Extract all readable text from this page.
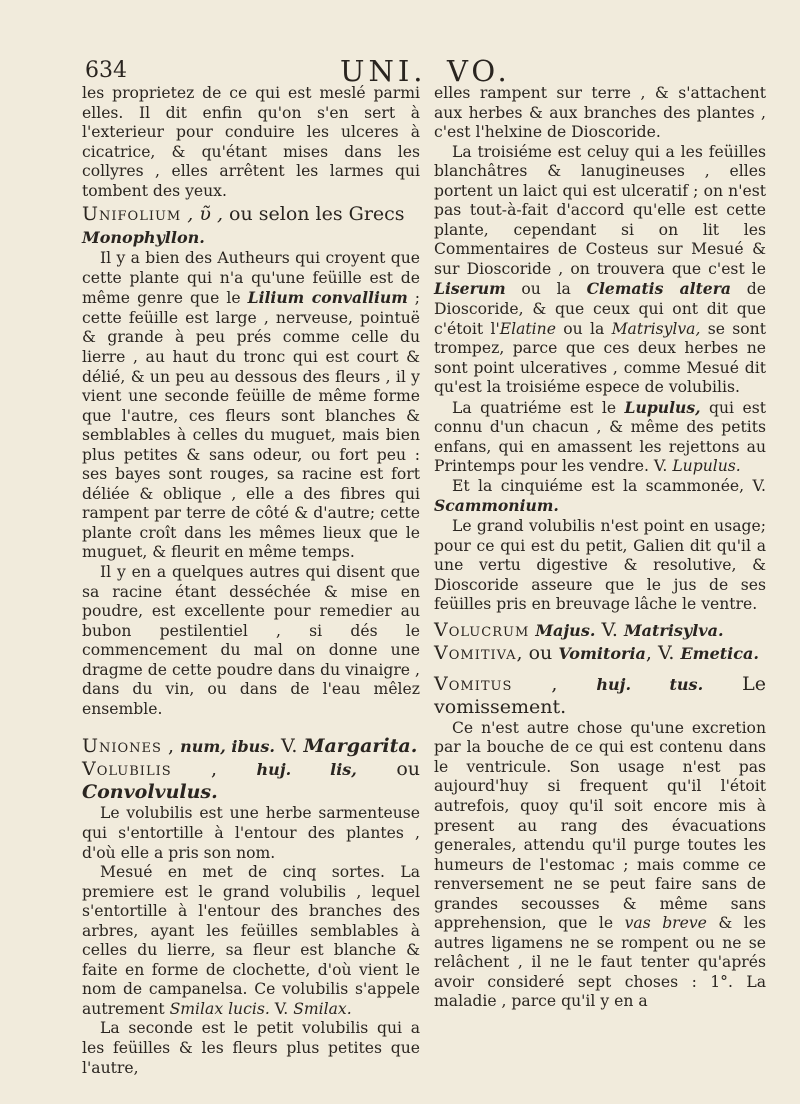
634	UNI. VO.

les proprietez de ce qui est meslé parmi elles. Il dit enfin qu'on s'en sert à l'exterieur pour conduire les ulceres à cicatrice, & qu'étant mises dans les collyres , elles arrêtent les larmes qui tombent des yeux.

Unifolium , ῦ , ou selon les Grecs
Monophyllon.

Il y a bien des Autheurs qui croyent que cette plante qui n'a qu'une feüille est de même genre que le Lilium convallium ; cette feüille est large , nerveuse, pointuë & grande à peu prés comme celle du lierre , au haut du tronc qui est court & délié, & un peu au dessous des fleurs , il y vient une seconde feüille de même forme que l'autre, ces fleurs sont blanches & semblables à celles du muguet, mais bien plus petites & sans odeur, ou fort peu : ses bayes sont rouges, sa racine est fort déliée & oblique , elle a des fibres qui rampent par terre de côté & d'autre; cette plante croît dans les mêmes lieux que le muguet, & fleurit en même temps.

Il y en a quelques autres qui disent que sa racine étant desséchée & mise en poudre, est excellente pour remedier au bubon pestilentiel , si dés le commencement du mal on donne une dragme de cette poudre dans du vinaigre , dans du vin, ou dans de l'eau mêlez ensemble.

Uniones , num, ibus. V. Margarita.
Volubilis , huj. lis, ou Convolvulus.

Le volubilis est une herbe sarmenteuse qui s'entortille à l'entour des plantes , d'où elle a pris son nom.

Mesué en met de cinq sortes. La premiere est le grand volubilis , lequel s'entortille à l'entour des branches des arbres, ayant les feüilles semblables à celles du lierre, sa fleur est blanche & faite en forme de clochette, d'où vient le nom de campanelsa. Ce volubilis s'appele autrement Smilax lucis. V. Smilax.

La seconde est le petit volubilis qui a les feüilles & les fleurs plus petites que l'autre,

elles rampent sur terre , & s'attachent aux herbes & aux branches des plantes , c'est l'helxine de Dioscoride.

La troisiéme est celuy qui a les feüilles blanchâtres & lanugineuses , elles portent un laict qui est ulceratif ; on n'est pas tout-à-fait d'accord qu'elle est cette plante, cependant si on lit les Commentaires de Costeus sur Mesué & sur Dioscoride , on trouvera que c'est le Liserum ou la Clematis altera de Dioscoride, & que ceux qui ont dit que c'étoit l'Elatine ou la Matrisylva, se sont trompez, parce que ces deux herbes ne sont point ulceratives , comme Mesué dit qu'est la troisiéme espece de volubilis.

La quatriéme est le Lupulus, qui est connu d'un chacun , & même des petits enfans, qui en amassent les rejettons au Printemps pour les vendre. V. Lupulus.

Et la cinquiéme est la scammonée, V. Scammonium.

Le grand volubilis n'est point en usage; pour ce qui est du petit, Galien dit qu'il a une vertu digestive & resolutive, & Dioscoride asseure que le jus de ses feüilles pris en breuvage lâche le ventre.

Volucrum Majus. V. Matrisylva.
Vomitiva, ou Vomitoria, V. Emetica.
Vomitus , huj. tus. Le vomissement.

Ce n'est autre chose qu'une excretion par la bouche de ce qui est contenu dans le ventricule. Son usage n'est pas aujourd'huy si frequent qu'il l'étoit autrefois, quoy qu'il soit encore mis à present au rang des évacuations generales, attendu qu'il purge toutes les humeurs de l'estomac ; mais comme ce renversement ne se peut faire sans de grandes secousses & même sans apprehension, que le vas breve & les autres ligamens ne se rompent ou ne se relâchent , il ne le faut tenter qu'aprés avoir consideré sept choses : 1°. La maladie , parce qu'il y en a
